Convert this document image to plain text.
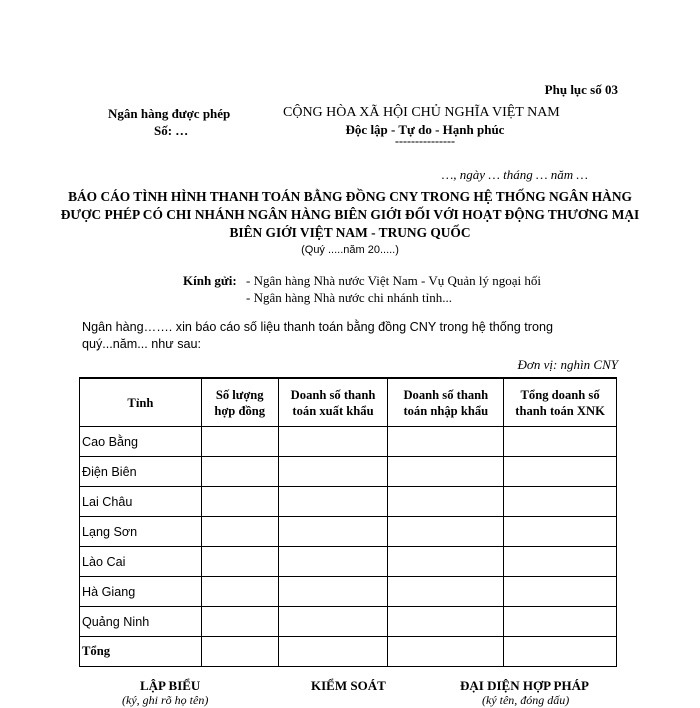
Phụ lục số 03
Ngân hàng được phép
Số: …
CỘNG HÒA XÃ HỘI CHỦ NGHĨA VIỆT NAM
Độc lập - Tự do - Hạnh phúc
---------------
…, ngày … tháng … năm …
BÁO CÁO TÌNH HÌNH THANH TOÁN BẰNG ĐỒNG CNY TRONG HỆ THỐNG NGÂN HÀNG ĐƯỢC PHÉP CÓ CHI NHÁNH NGÂN HÀNG BIÊN GIỚI ĐỐI VỚI HOẠT ĐỘNG THƯƠNG MẠI BIÊN GIỚI VIỆT NAM - TRUNG QUỐC
(Quý .....năm 20.....)
Kính gửi: - Ngân hàng Nhà nước Việt Nam - Vụ Quản lý ngoại hối
- Ngân hàng Nhà nước chi nhánh tỉnh...
Ngân hàng……. xin báo cáo số liệu thanh toán bằng đồng CNY trong hệ thống trong quý...năm... như sau:
Đơn vị: nghìn CNY
Tỉnh	Số lượng hợp đồng	Doanh số thanh toán xuất khẩu	Doanh số thanh toán nhập khẩu	Tổng doanh số thanh toán XNK
Cao Bằng				
Điện Biên				
Lai Châu				
Lạng Sơn				
Lào Cai				
Hà Giang				
Quảng Ninh				
Tổng				
LẬP BIỂU
(ký, ghi rõ họ tên)
KIỂM SOÁT	ĐẠI DIỆN HỢP PHÁP
(ký tên, đóng dấu)
